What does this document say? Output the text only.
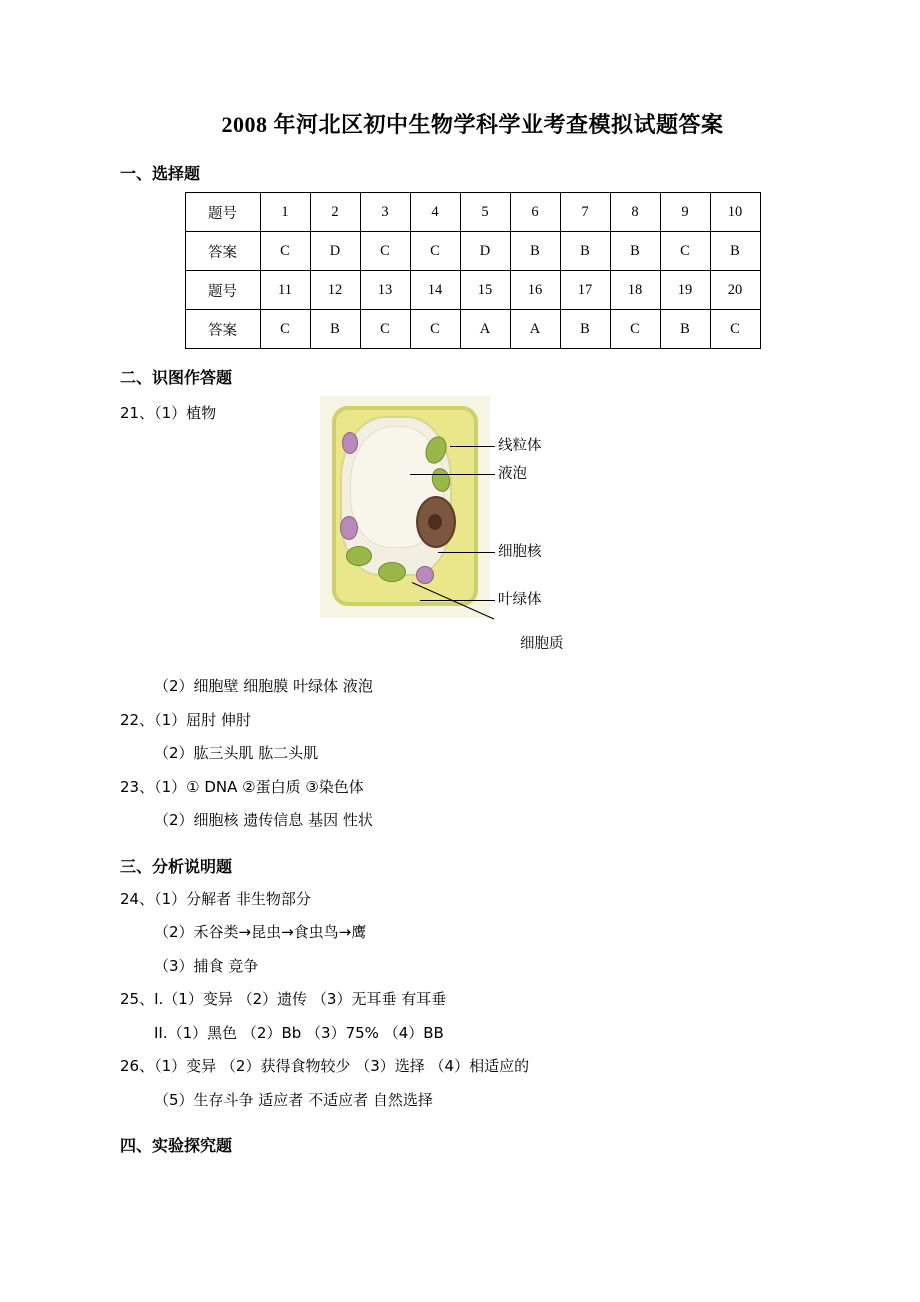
2008 年河北区初中生物学科学业考查模拟试题答案
一、选择题
题号	1	2	3	4	5	6	7	8	9	10
答案	C	D	C	C	D	B	B	B	C	B
题号	11	12	13	14	15	16	17	18	19	20
答案	C	B	C	C	A	A	B	C	B	C
二、识图作答题
21、（1）植物
线粒体
液泡
细胞核
叶绿体
细胞质
（2）细胞壁 细胞膜 叶绿体 液泡
22、（1）屈肘 伸肘
（2）肱三头肌 肱二头肌
23、（1）① DNA ②蛋白质 ③染色体
（2）细胞核 遗传信息 基因 性状
三、分析说明题
24、（1）分解者 非生物部分
（2）禾谷类→昆虫→食虫鸟→鹰
（3）捕食 竞争
25、I.（1）变异 （2）遗传 （3）无耳垂 有耳垂
II.（1）黑色 （2）Bb （3）75% （4）BB
26、（1）变异 （2）获得食物较少 （3）选择 （4）相适应的
（5）生存斗争 适应者 不适应者 自然选择
四、实验探究题
